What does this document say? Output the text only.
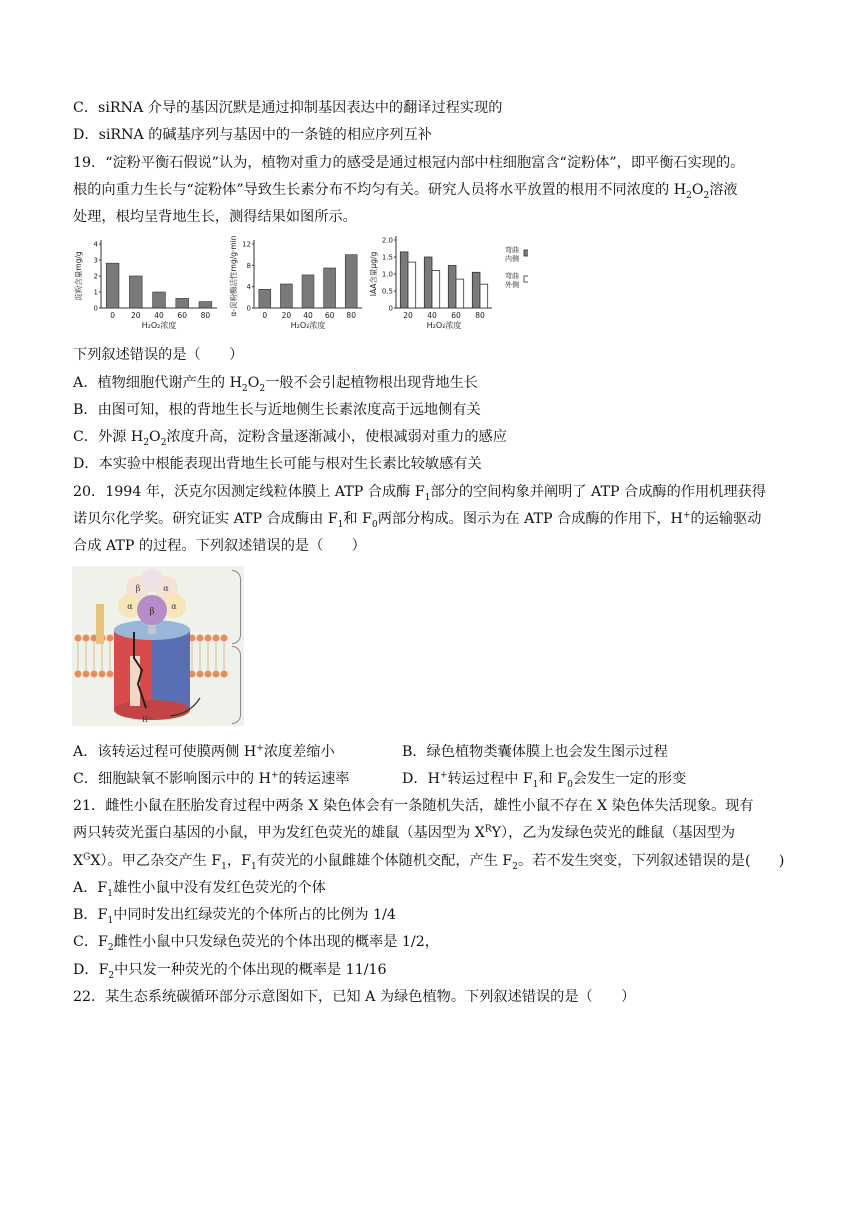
C．siRNA 介导的基因沉默是通过抑制基因表达中的翻译过程实现的
D．siRNA 的碱基序列与基因中的一条链的相应序列互补
19．“淀粉平衡石假说”认为，植物对重力的感受是通过根冠内部中柱细胞富含“淀粉体”，即平衡石实现的。
根的向重力生长与“淀粉体”导致生长素分布不均匀有关。研究人员将水平放置的根用不同浓度的 $H_2O_2$溶液
处理，根均呈背地生长，测得结果如图所示。
0
1
2
3
4
淀粉含量mg/g
H₂O₂浓度
0 20 40 60 80
0
4
8
12
α-淀粉酶活性mg/g·min
H₂O₂浓度
0 20 40 60 80
0
0.5
1.0
1.5
2.0
IAA含量μg/g
H₂O₂浓度
20 40 60 80
弯曲
内侧
弯曲
外侧
下列叙述错误的是（　　）
A．植物细胞代谢产生的 $H_2O_2$一般不会引起植物根出现背地生长
B．由图可知，根的背地生长与近地侧生长素浓度高于远地侧有关
C．外源 $H_2O_2$浓度升高，淀粉含量逐渐减小，使根减弱对重力的感应
D．本实验中根能表现出背地生长可能与根对生长素比较敏感有关
20．1994 年，沃克尔因测定线粒体膜上 ATP 合成酶 $F_1$部分的空间构象并阐明了 ATP 合成酶的作用机理获得
诺贝尔化学奖。研究证实 ATP 合成酶由 $F_1$和 $F_0$两部分构成。图示为在 ATP 合成酶的作用下，H+的运输驱动
合成 ATP 的过程。下列叙述错误的是（　　）
β
β	α
α	α
H⁺
A．该转运过程可使膜两侧 H+浓度差缩小	B．绿色植物类囊体膜上也会发生图示过程
C．细胞缺氧不影响图示中的 H+的转运速率	D．H+转运过程中 $F_1$和 $F_0$会发生一定的形变
21．雌性小鼠在胚胎发育过程中两条 X 染色体会有一条随机失活，雄性小鼠不存在 X 染色体失活现象。现有
两只转荧光蛋白基因的小鼠，甲为发红色荧光的雄鼠（基因型为 $X^RY$），乙为发绿色荧光的雌鼠（基因型为
$X^GX$）。甲乙杂交产生 $F_1$，$F_1$有荧光的小鼠雌雄个体随机交配，产生 $F_2$。若不发生突变，下列叙述错误的是(　　)
A．$F_1$雄性小鼠中没有发红色荧光的个体
B．$F_1$中同时发出红绿荧光的个体所占的比例为 1/4
C．$F_2$雌性小鼠中只发绿色荧光的个体出现的概率是 1/2，
D．$F_2$中只发一种荧光的个体出现的概率是 11/16
22．某生态系统碳循环部分示意图如下，已知 A 为绿色植物。下列叙述错误的是（　　）
